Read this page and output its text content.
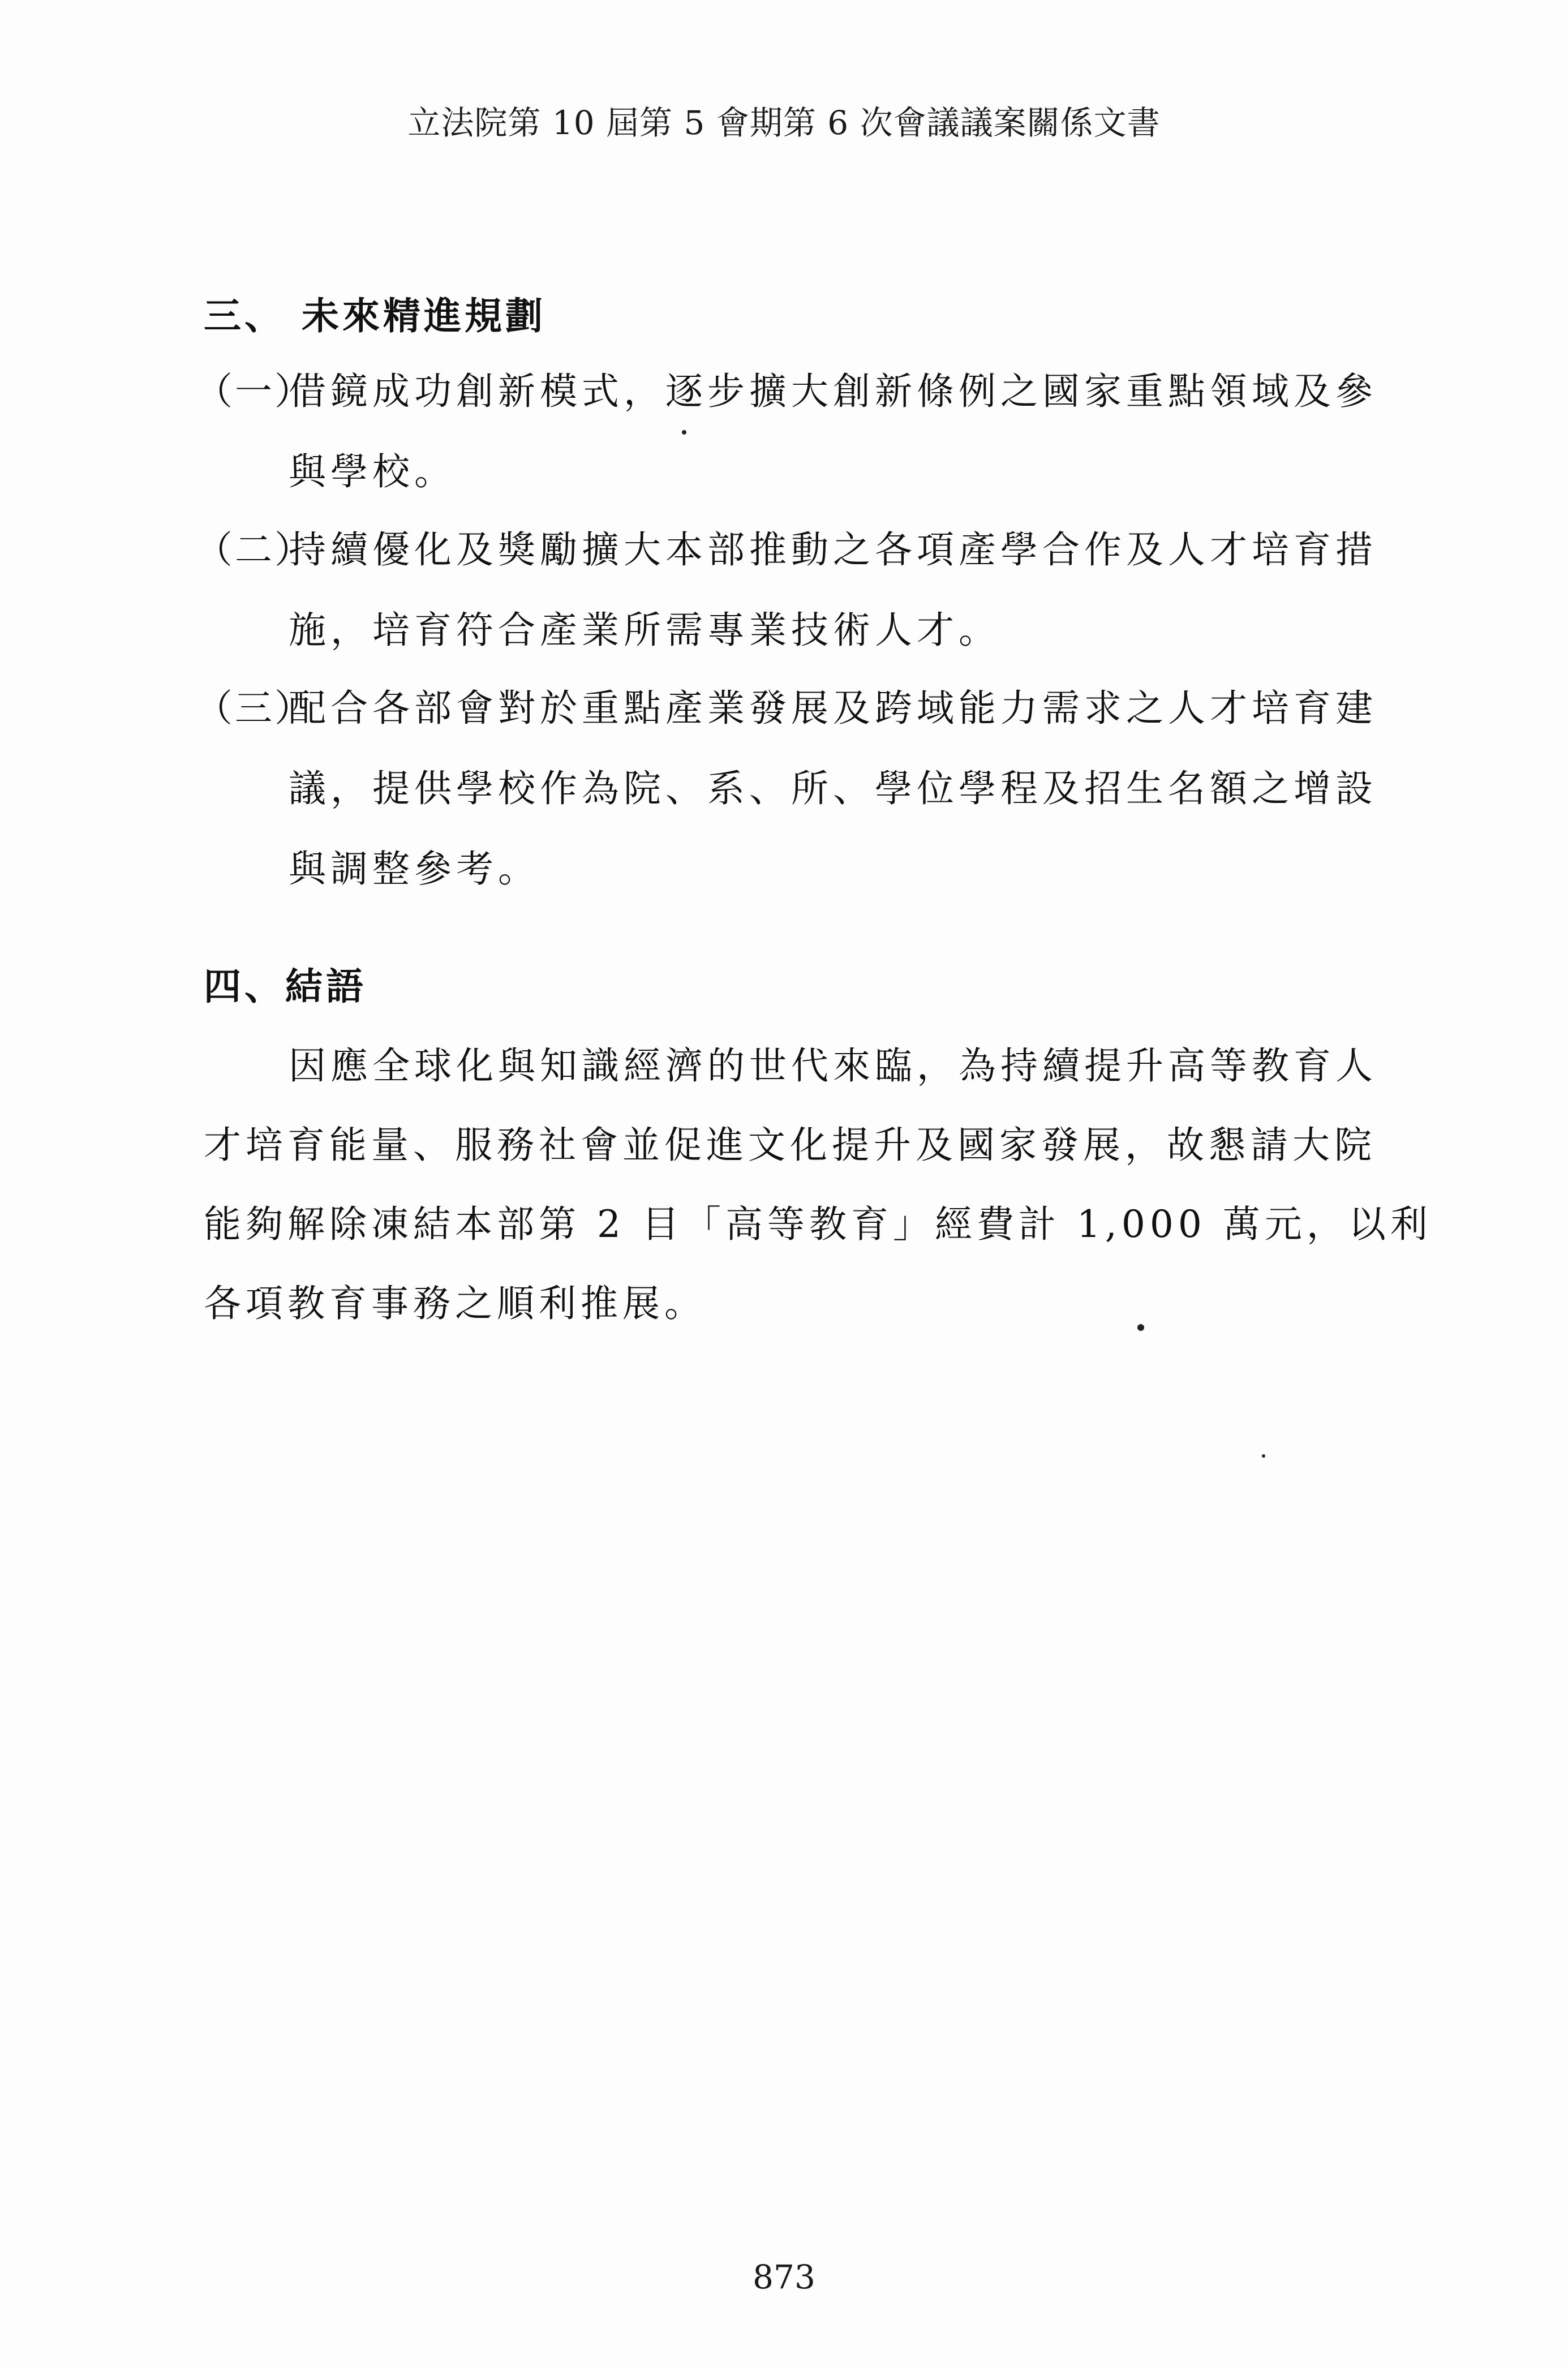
立法院第 10 屆第 5 會期第 6 次會議議案關係文書
三、 未來精進規劃
（一）
借鏡成功創新模式，逐步擴大創新條例之國家重點領域及參
與學校。
（二）
持續優化及獎勵擴大本部推動之各項產學合作及人才培育措
施，培育符合產業所需專業技術人才。
（三）
配合各部會對於重點產業發展及跨域能力需求之人才培育建
議，提供學校作為院、系、所、學位學程及招生名額之增設
與調整參考。
四、結語
因應全球化與知識經濟的世代來臨，為持續提升高等教育人
才培育能量、服務社會並促進文化提升及國家發展，故懇請大院
能夠解除凍結本部第 2 目「高等教育」經費計 1,000 萬元，以利
各項教育事務之順利推展。
873
